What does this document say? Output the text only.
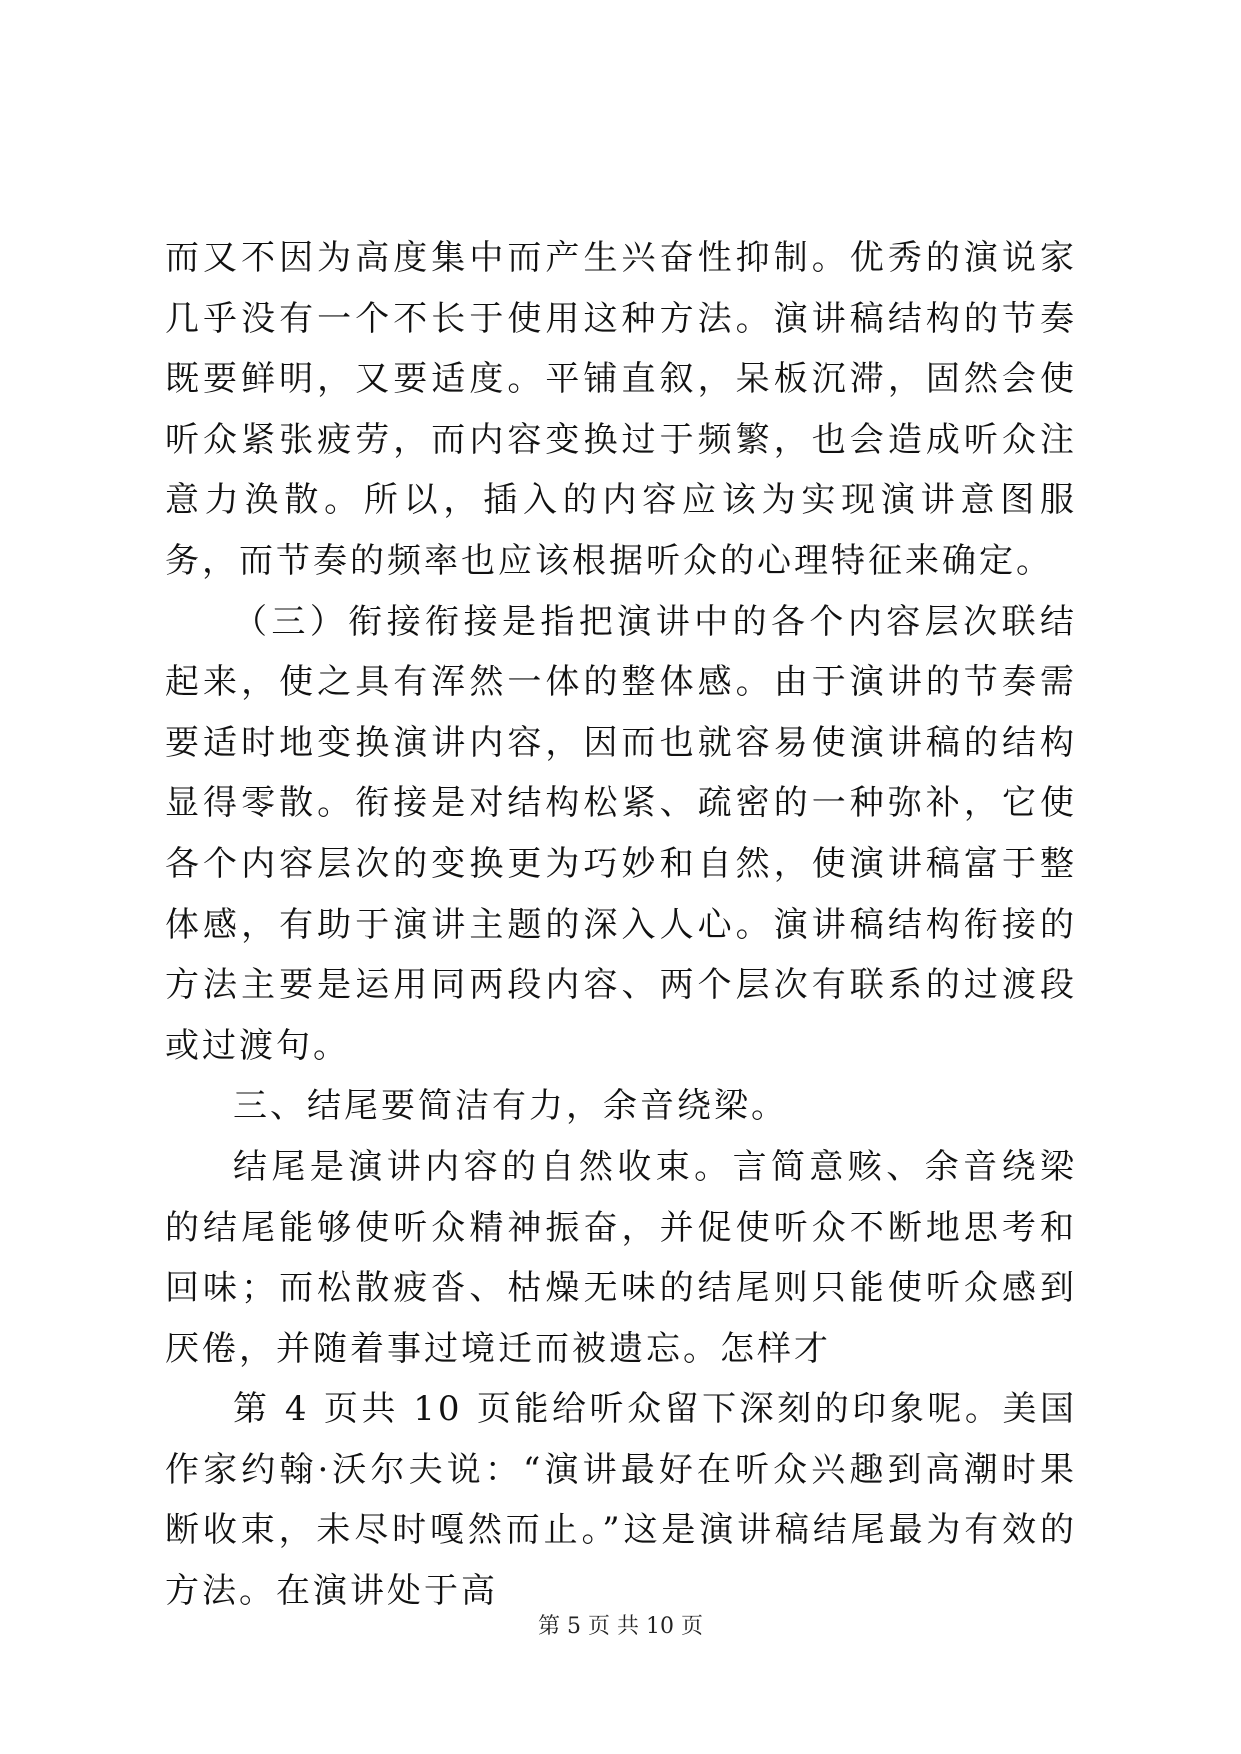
而又不因为高度集中而产生兴奋性抑制。优秀的演说家几乎没有一个不长于使用这种方法。演讲稿结构的节奏既要鲜明，又要适度。平铺直叙，呆板沉滞，固然会使听众紧张疲劳，而内容变换过于频繁，也会造成听众注意力涣散。所以，插入的内容应该为实现演讲意图服务，而节奏的频率也应该根据听众的心理特征来确定。

（三）衔接衔接是指把演讲中的各个内容层次联结起来，使之具有浑然一体的整体感。由于演讲的节奏需要适时地变换演讲内容，因而也就容易使演讲稿的结构显得零散。衔接是对结构松紧、疏密的一种弥补，它使各个内容层次的变换更为巧妙和自然，使演讲稿富于整体感，有助于演讲主题的深入人心。演讲稿结构衔接的方法主要是运用同两段内容、两个层次有联系的过渡段或过渡句。

三、结尾要简洁有力，余音绕梁。

结尾是演讲内容的自然收束。言简意赅、余音绕梁的结尾能够使听众精神振奋，并促使听众不断地思考和回味；而松散疲沓、枯燥无味的结尾则只能使听众感到厌倦，并随着事过境迁而被遗忘。怎样才

第 4 页共 10 页能给听众留下深刻的印象呢。美国作家约翰·沃尔夫说：“演讲最好在听众兴趣到高潮时果断收束，未尽时嘎然而止。”这是演讲稿结尾最为有效的方法。在演讲处于高

第 5 页 共 10 页
